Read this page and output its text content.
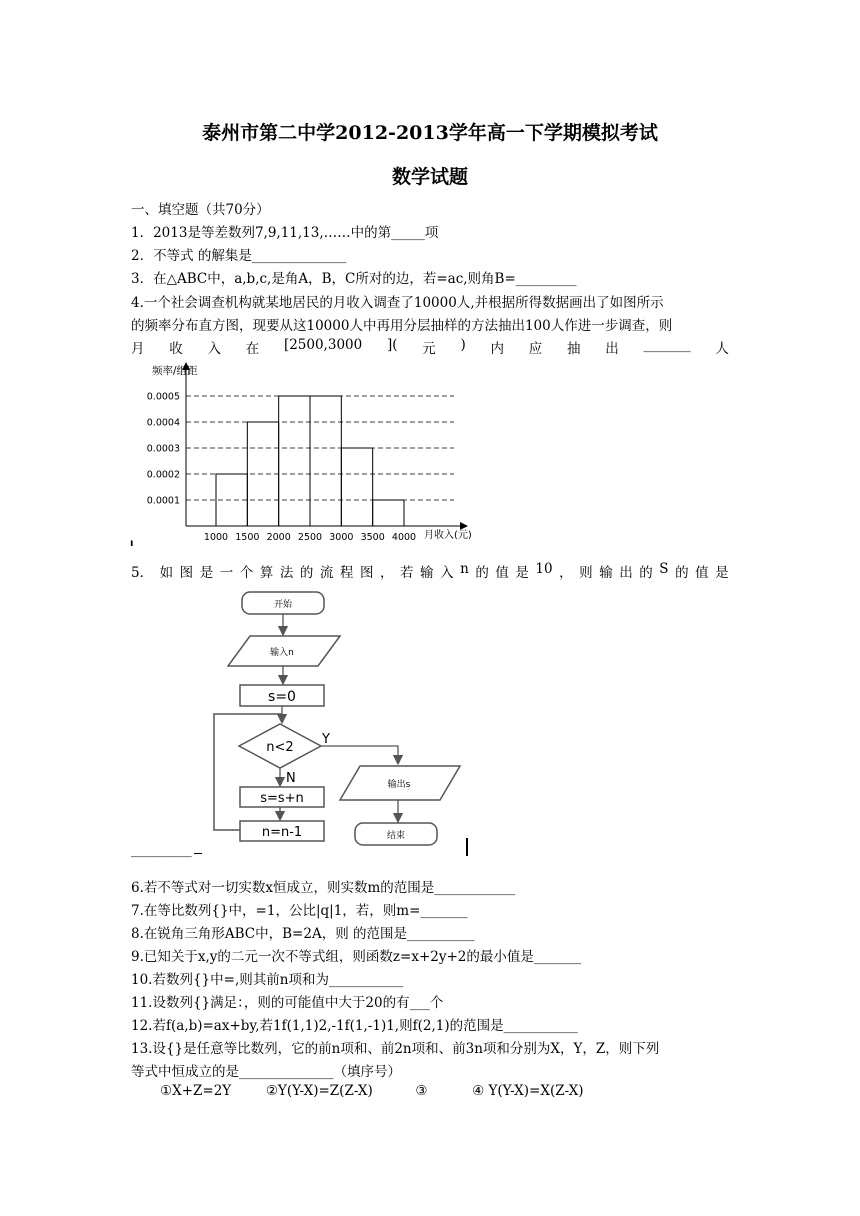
泰州市第二中学2012-2013学年高一下学期模拟考试
数学试题
一、填空题（共70分）
1．2013是等差数列7,9,11,13,……中的第_____项
2．不等式 的解集是______________
3．在△ABC中，a,b,c,是角A，B，C所对的边，若=ac,则角B=_________
4.一个社会调查机构就某地居民的月收入调查了10000人,并根据所得数据画出了如图所示
的频率分布直方图，现要从这10000人中再用分层抽样的方法抽出100人作进一步调查，则
月 收 入 在 [2500,3000 ]( 元 ) 内 应 抽 出 _______ 人
0.0001
0.0002
0.0003
0.0004
0.0005
1000 1500 2000 2500 3000 3500 4000
频率/组距
月收入(元)
ı
5． 如 图 是 一 个 算 法 的 流 程 图 ， 若 输 入 n 的 值 是 10 ， 则 输 出 的 S 的 值 是
开始
输入n
s=0
n<2
Y
N
s=s+n
n=n-1
输出s
结束
_________
6.若不等式对一切实数x恒成立，则实数m的范围是____________
7.在等比数列{}中，=1，公比|q|1，若，则m=_______
8.在锐角三角形ABC中，B=2A，则 的范围是__________
9.已知关于x,y的二元一次不等式组，则函数z=x+2y+2的最小值是_______
10.若数列{}中=,则其前n项和为___________
11.设数列{}满足：，则的可能值中大于20的有___个
12.若f(a,b)=ax+by,若1f(1,1)2,-1f(1,-1)1,则f(2,1)的范围是___________
13.设{}是任意等比数列，它的前n项和、前2n项和、前3n项和分别为X，Y，Z，则下列
等式中恒成立的是______________（填序号）
①X+Z=2Y	②Y(Y-X)=Z(Z-X)	③	④ Y(Y-X)=X(Z-X)
